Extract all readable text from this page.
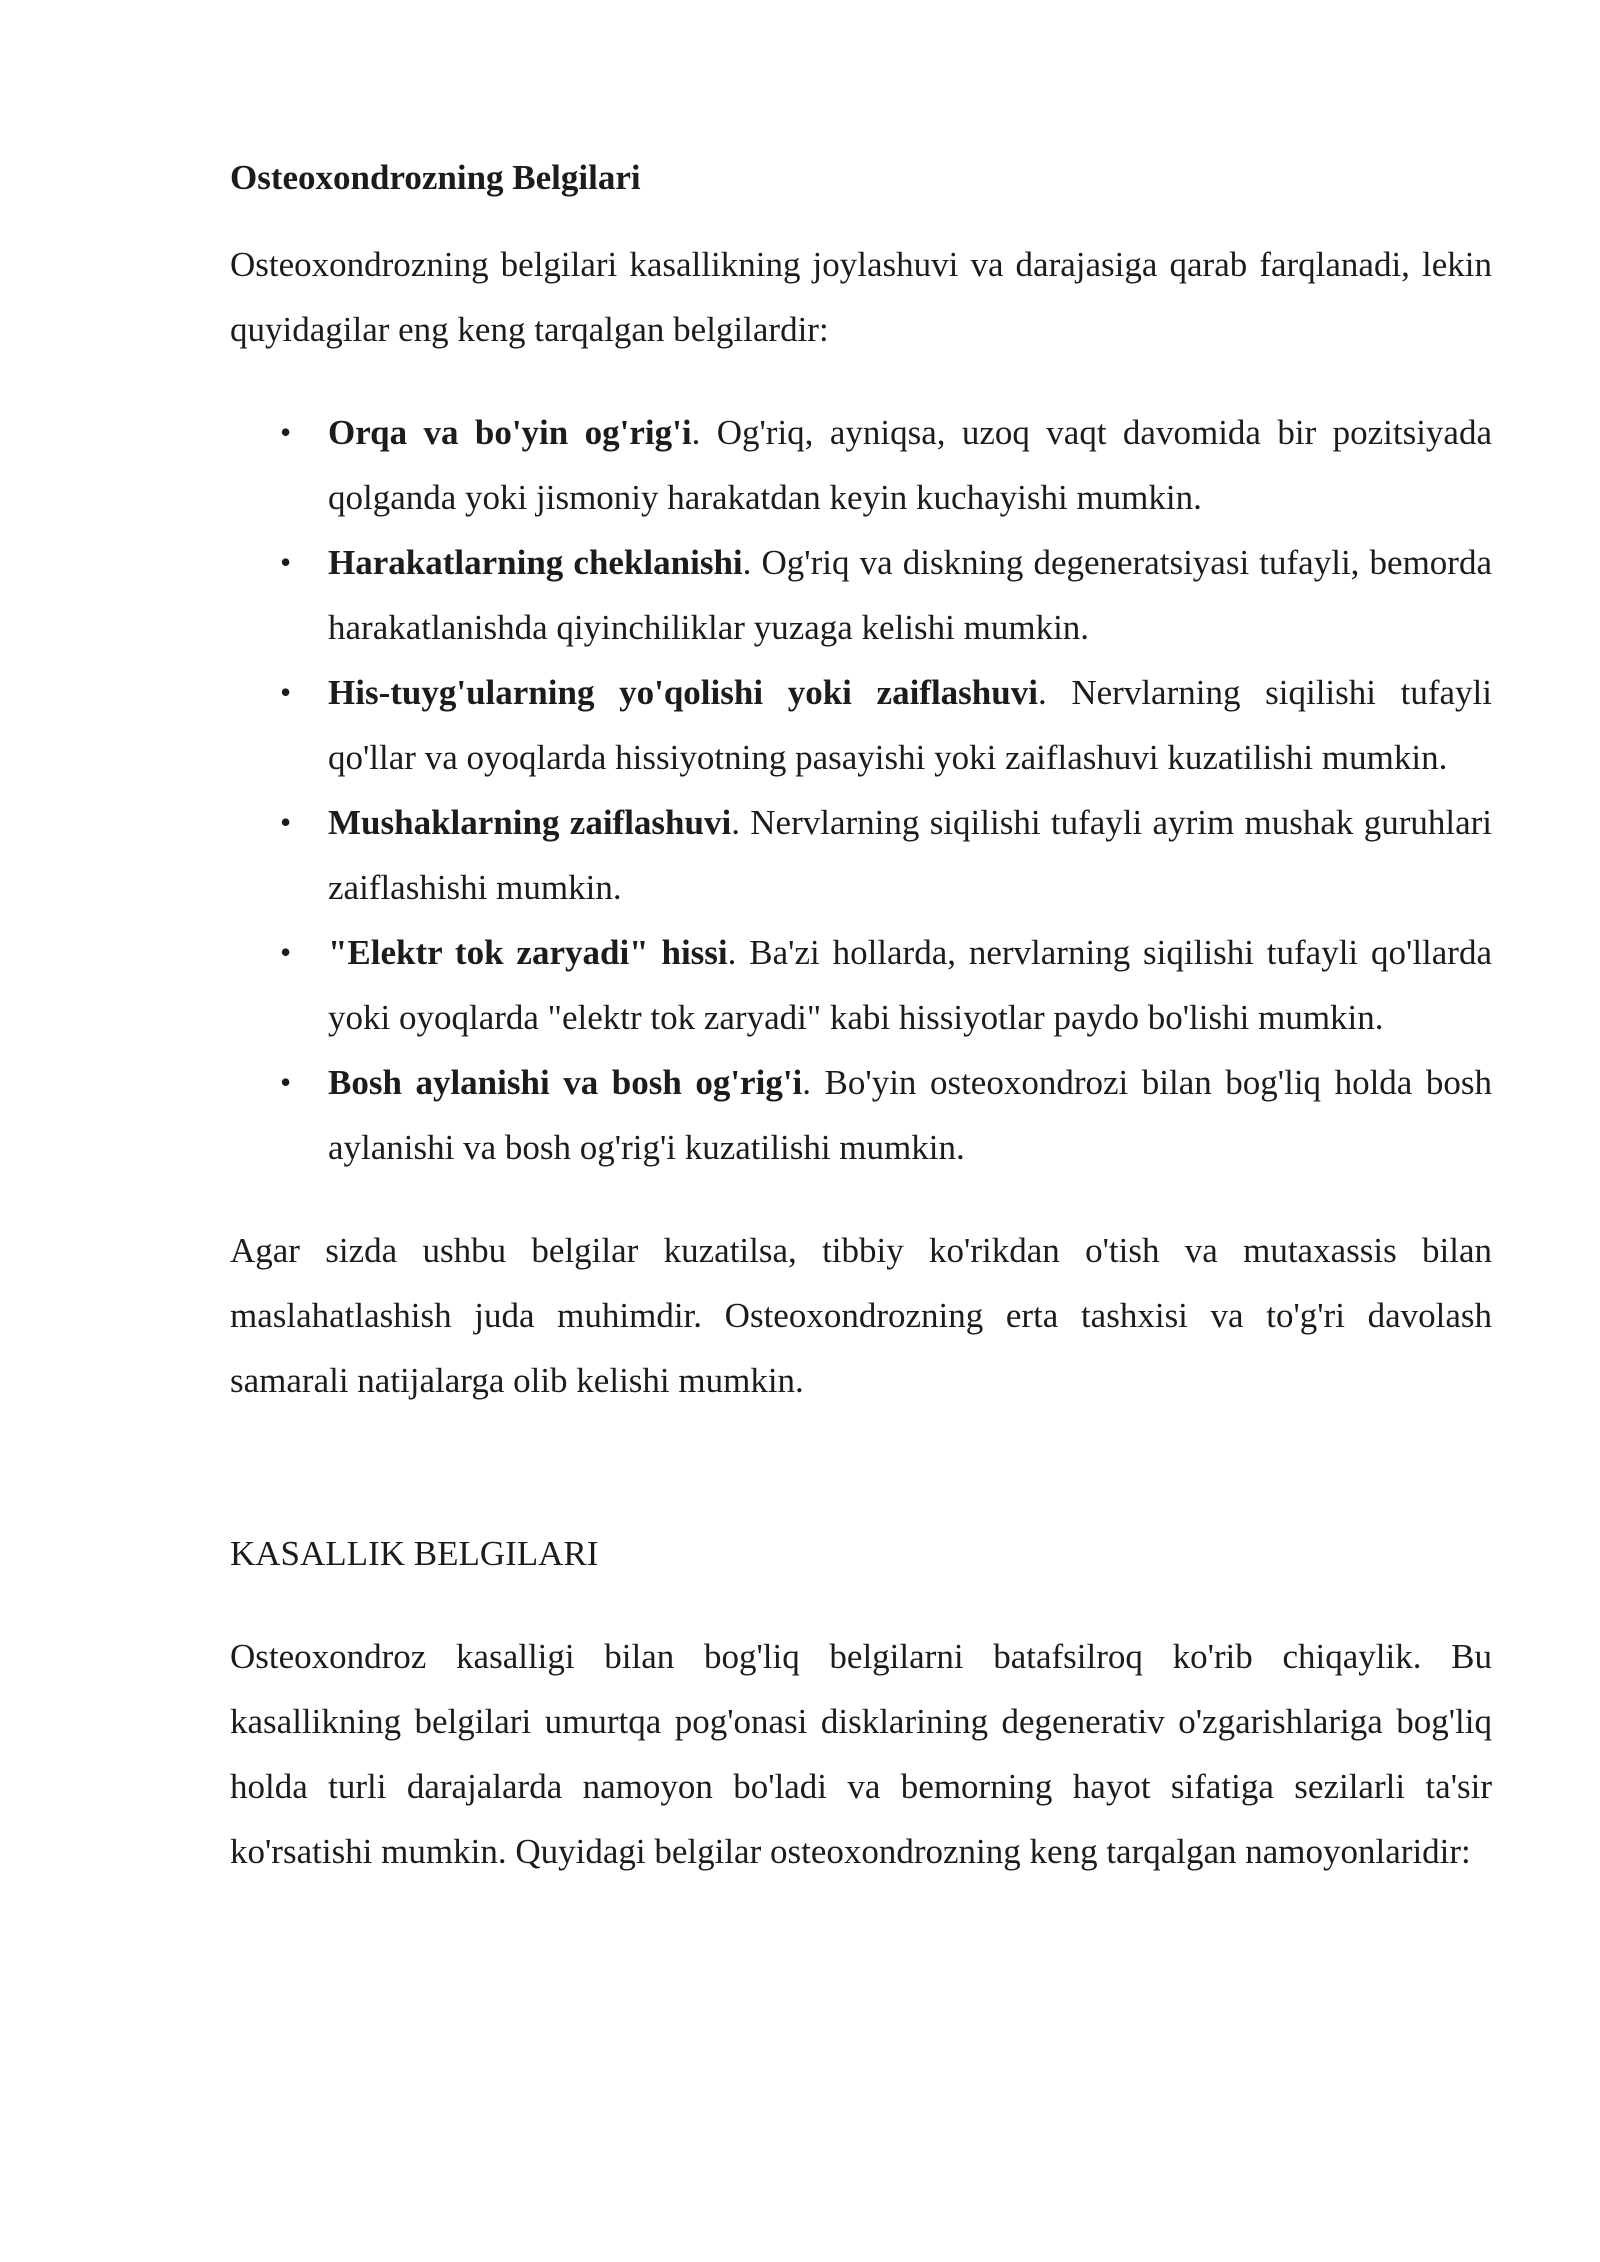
Osteoxondrozning Belgilari

Osteoxondrozning belgilari kasallikning joylashuvi va darajasiga qarab farqlanadi, lekin quyidagilar eng keng tarqalgan belgilardir:

• Orqa va bo'yin og'rig'i. Og'riq, ayniqsa, uzoq vaqt davomida bir pozitsiyada qolganda yoki jismoniy harakatdan keyin kuchayishi mumkin.
• Harakatlarning cheklanishi. Og'riq va diskning degeneratsiyasi tufayli, bemorda harakatlanishda qiyinchiliklar yuzaga kelishi mumkin.
• His-tuyg'ularning yo'qolishi yoki zaiflashuvi. Nervlarning siqilishi tufayli qo'llar va oyoqlarda hissiyotning pasayishi yoki zaiflashuvi kuzatilishi mumkin.
• Mushaklarning zaiflashuvi. Nervlarning siqilishi tufayli ayrim mushak guruhlari zaiflashishi mumkin.
• "Elektr tok zaryadi" hissi. Ba'zi hollarda, nervlarning siqilishi tufayli qo'llarda yoki oyoqlarda "elektr tok zaryadi" kabi hissiyotlar paydo bo'lishi mumkin.
• Bosh aylanishi va bosh og'rig'i. Bo'yin osteoxondrozi bilan bog'liq holda bosh aylanishi va bosh og'rig'i kuzatilishi mumkin.

Agar sizda ushbu belgilar kuzatilsa, tibbiy ko'rikdan o'tish va mutaxassis bilan maslahatlashish juda muhimdir. Osteoxondrozning erta tashxisi va to'g'ri davolash samarali natijalarga olib kelishi mumkin.

KASALLIK BELGILARI

Osteoxondroz kasalligi bilan bog'liq belgilarni batafsilroq ko'rib chiqaylik. Bu kasallikning belgilari umurtqa pog'onasi disklarining degenerativ o'zgarishlariga bog'liq holda turli darajalarda namoyon bo'ladi va bemorning hayot sifatiga sezilarli ta'sir ko'rsatishi mumkin. Quyidagi belgilar osteoxondrozning keng tarqalgan namoyonlaridir:
